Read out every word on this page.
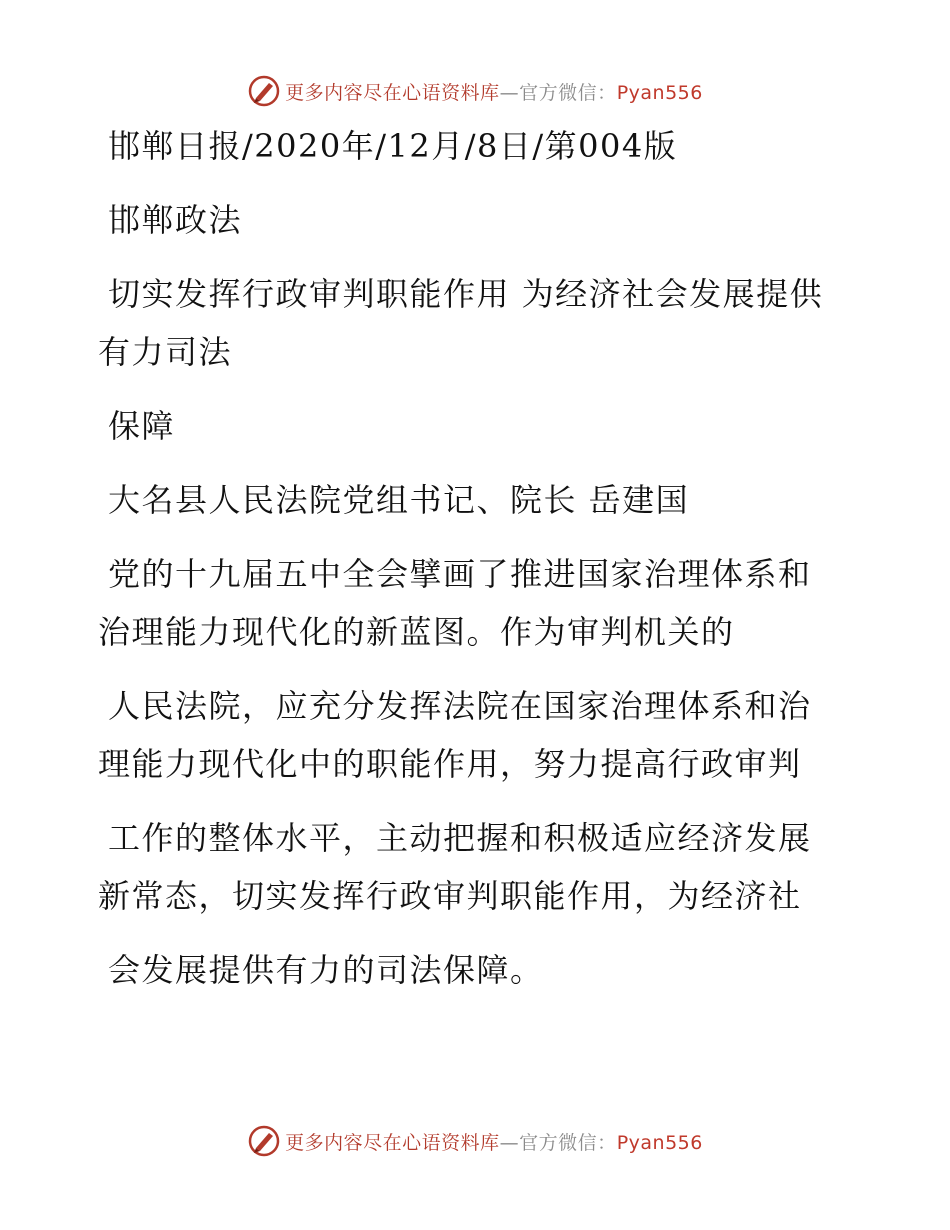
更多内容尽在心语资料库—官方微信：Pyan556
邯郸日报/2020年/12月/8日/第004版
邯郸政法
切实发挥行政审判职能作用 为经济社会发展提供
有力司法
保障
大名县人民法院党组书记、院长 岳建国
党的十九届五中全会擘画了推进国家治理体系和
治理能力现代化的新蓝图。作为审判机关的
人民法院，应充分发挥法院在国家治理体系和治
理能力现代化中的职能作用，努力提高行政审判
工作的整体水平，主动把握和积极适应经济发展
新常态，切实发挥行政审判职能作用，为经济社
会发展提供有力的司法保障。
更多内容尽在心语资料库—官方微信：Pyan556
